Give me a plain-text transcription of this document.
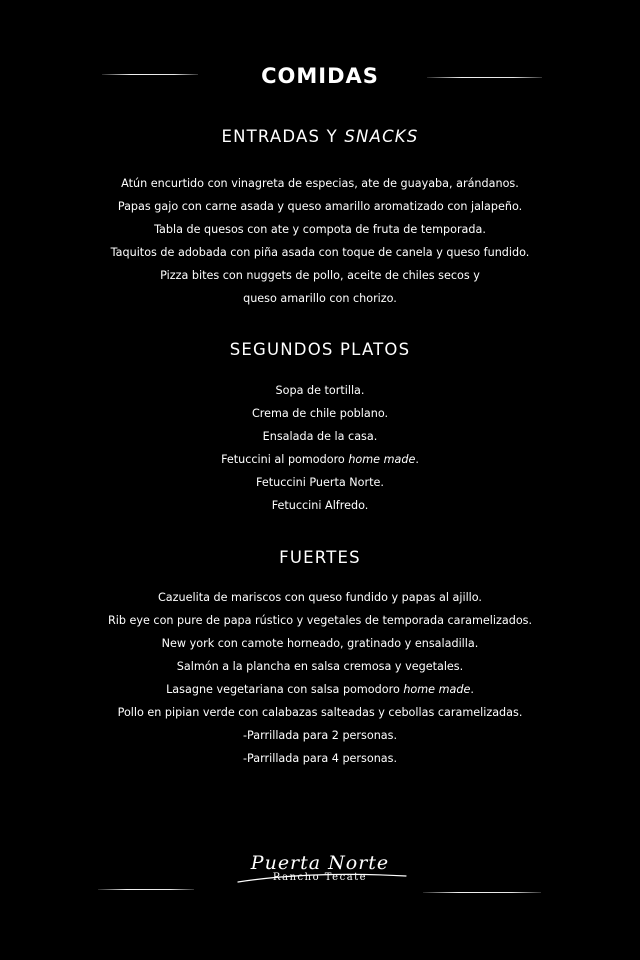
COMIDAS
ENTRADAS Y SNACKS
Atún encurtido con vinagreta de especias, ate de guayaba, arándanos.
Papas gajo con carne asada y queso amarillo aromatizado con jalapeño.
Tabla de quesos con ate y compota de fruta de temporada.
Taquitos de adobada con piña asada con toque de canela y queso fundido.
Pizza bites con nuggets de pollo, aceite de chiles secos y
queso amarillo con chorizo.
SEGUNDOS PLATOS
Sopa de tortilla.
Crema de chile poblano.
Ensalada de la casa.
Fetuccini al pomodoro home made.
Fetuccini Puerta Norte.
Fetuccini Alfredo.
FUERTES
Cazuelita de mariscos con queso fundido y papas al ajillo.
Rib eye con pure de papa rústico y vegetales de temporada caramelizados.
New york con camote horneado, gratinado y ensaladilla.
Salmón a la plancha en salsa cremosa y vegetales.
Lasagne vegetariana con salsa pomodoro home made.
Pollo en pipian verde con calabazas salteadas y cebollas caramelizadas.
-Parrillada para 2 personas.
-Parrillada para 4 personas.
Puerta Norte
Rancho Tecate
